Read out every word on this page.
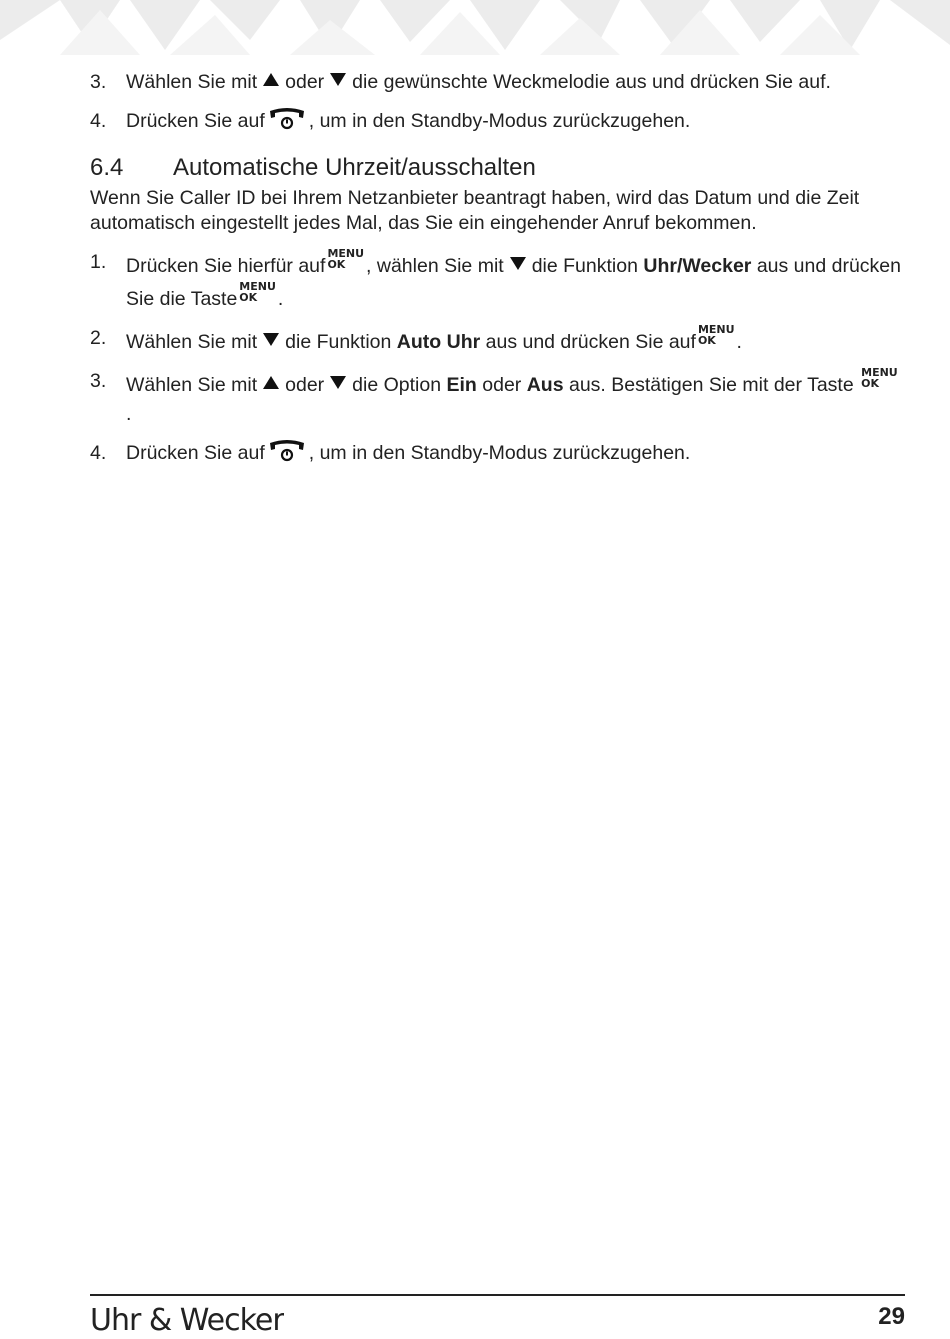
3. Wählen Sie mit oder die gewünschte Weckmelodie aus und drücken Sie auf.
4. Drücken Sie auf , um in den Standby-Modus zurückzugehen.
6.4	Automatische Uhrzeit/ausschalten
Wenn Sie Caller ID bei Ihrem Netzanbieter beantragt haben, wird das Datum und die Zeit automatisch eingestellt jedes Mal, das Sie ein eingehender Anruf bekommen.
1. Drücken Sie hierfür auf
MENU
OK	, wählen Sie mit die Funktion Uhr/Wecker aus und drücken Sie die Taste
MENU
OK	.
2. Wählen Sie mit die Funktion Auto Uhr aus und drücken Sie auf
MENU
OK	.
3. Wählen Sie mit oder die Option Ein oder Aus aus. Bestätigen Sie mit der Taste
MENU
OK
.
4. Drücken Sie auf , um in den Standby-Modus zurückzugehen.
Uhr & Wecker	29
